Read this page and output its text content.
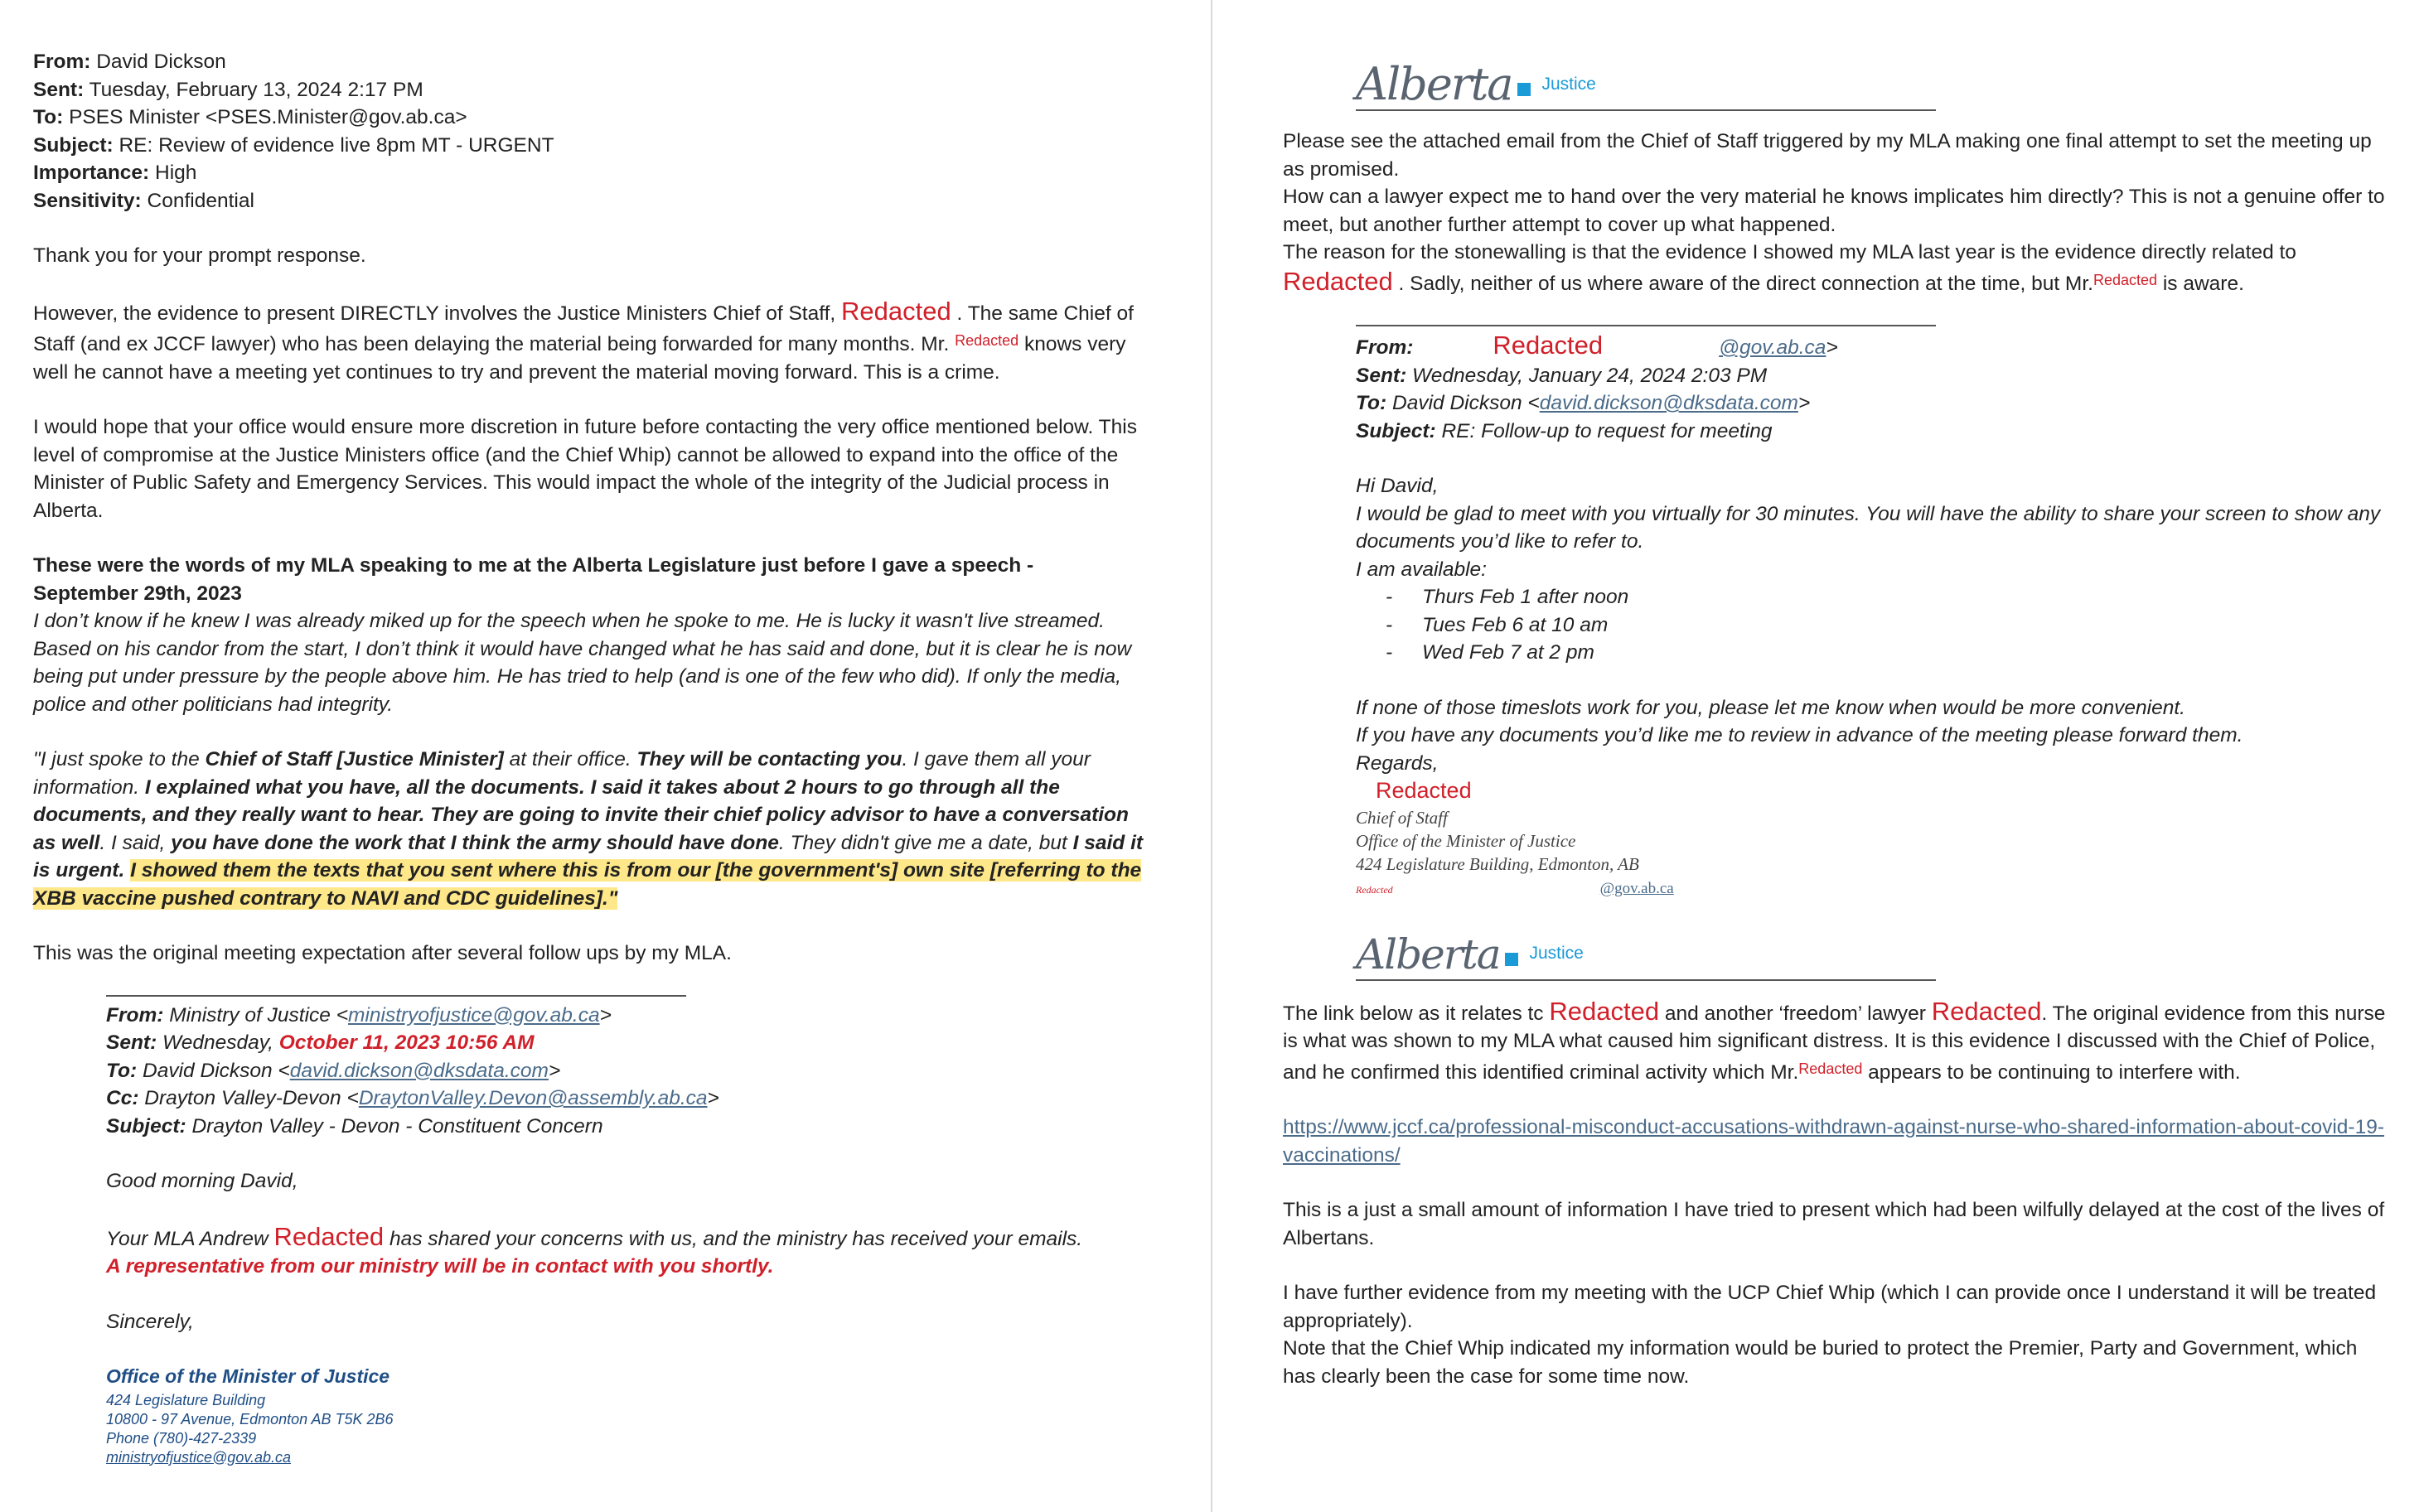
From: David Dickson

Sent: Tuesday, February 13, 2024 2:17 PM

To: PSES Minister <PSES.Minister@gov.ab.ca>

Subject: RE: Review of evidence live 8pm MT - URGENT

Importance: High

Sensitivity: Confidential

Thank you for your prompt response.

However, the evidence to present DIRECTLY involves the Justice Ministers Chief of Staff, Redacted . The same Chief of Staff (and ex JCCF lawyer) who has been delaying the material being forwarded for many months. Mr. $^{Redacted}$ knows very well he cannot have a meeting yet continues to try and prevent the material moving forward. This is a crime.

I would hope that your office would ensure more discretion in future before contacting the very office mentioned below. This level of compromise at the Justice Ministers office (and the Chief Whip) cannot be allowed to expand into the office of the Minister of Public Safety and Emergency Services. This would impact the whole of the integrity of the Judicial process in Alberta.

These were the words of my MLA speaking to me at the Alberta Legislature just before I gave a speech - September 29th, 2023

I don’t know if he knew I was already miked up for the speech when he spoke to me. He is lucky it wasn't live streamed. Based on his candor from the start, I don’t think it would have changed what he has said and done, but it is clear he is now being put under pressure by the people above him. He has tried to help (and is one of the few who did). If only the media, police and other politicians had integrity.

"I just spoke to the Chief of Staff [Justice Minister] at their office. They will be contacting you. I gave them all your information. I explained what you have, all the documents. I said it takes about 2 hours to go through all the documents, and they really want to hear. They are going to invite their chief policy advisor to have a conversation as well. I said, you have done the work that I think the army should have done. They didn't give me a date, but I said it is urgent. I showed them the texts that you sent where this is from our [the government's] own site [referring to the XBB vaccine pushed contrary to NAVI and CDC guidelines]."

This was the original meeting expectation after several follow ups by my MLA.

From: Ministry of Justice <ministryofjustice@gov.ab.ca>

Sent: Wednesday, October 11, 2023 10:56 AM

To: David Dickson <david.dickson@dksdata.com>

Cc: Drayton Valley-Devon <DraytonValley.Devon@assembly.ab.ca>

Subject: Drayton Valley - Devon - Constituent Concern

Good morning David,

Your MLA Andrew Redacted has shared your concerns with us, and the ministry has received your emails.

A representative from our ministry will be in contact with you shortly.

Sincerely,

Office of the Minister of Justice

424 Legislature Building

10800 - 97 Avenue, Edmonton AB T5K 2B6

Phone (780)-427-2339

ministryofjustice@gov.ab.ca

Alberta Justice

Please see the attached email from the Chief of Staff triggered by my MLA making one final attempt to set the meeting up as promised.

How can a lawyer expect me to hand over the very material he knows implicates him directly? This is not a genuine offer to meet, but another further attempt to cover up what happened.

The reason for the stonewalling is that the evidence I showed my MLA last year is the evidence directly related to Redacted . Sadly, neither of us where aware of the direct connection at the time, but Mr.$^{Redacted}$ is aware.

From:	Redacted	@gov.ab.ca>

Sent: Wednesday, January 24, 2024 2:03 PM

To: David Dickson <david.dickson@dksdata.com>

Subject: RE: Follow-up to request for meeting

Hi David,

I would be glad to meet with you virtually for 30 minutes. You will have the ability to share your screen to show any documents you’d like to refer to.

I am available:

- Thurs Feb 1 after noon
- Tues Feb 6 at 10 am
- Wed Feb 7 at 2 pm

If none of those timeslots work for you, please let me know when would be more convenient.

If you have any documents you’d like me to review in advance of the meeting please forward them.

Regards,

Redacted

Chief of Staff

Office of the Minister of Justice

424 Legislature Building, Edmonton, AB

Redacted	@gov.ab.ca

Alberta Justice

The link below as it relates tc Redacted and another ‘freedom’ lawyer Redacted. The original evidence from this nurse is what was shown to my MLA what caused him significant distress. It is this evidence I discussed with the Chief of Police, and he confirmed this identified criminal activity which Mr.$^{Redacted}$ appears to be continuing to interfere with.

https://www.jccf.ca/professional-misconduct-accusations-withdrawn-against-nurse-who-shared-information-about-covid-19-vaccinations/

This is a just a small amount of information I have tried to present which had been wilfully delayed at the cost of the lives of Albertans.

I have further evidence from my meeting with the UCP Chief Whip (which I can provide once I understand it will be treated appropriately).

Note that the Chief Whip indicated my information would be buried to protect the Premier, Party and Government, which has clearly been the case for some time now.
